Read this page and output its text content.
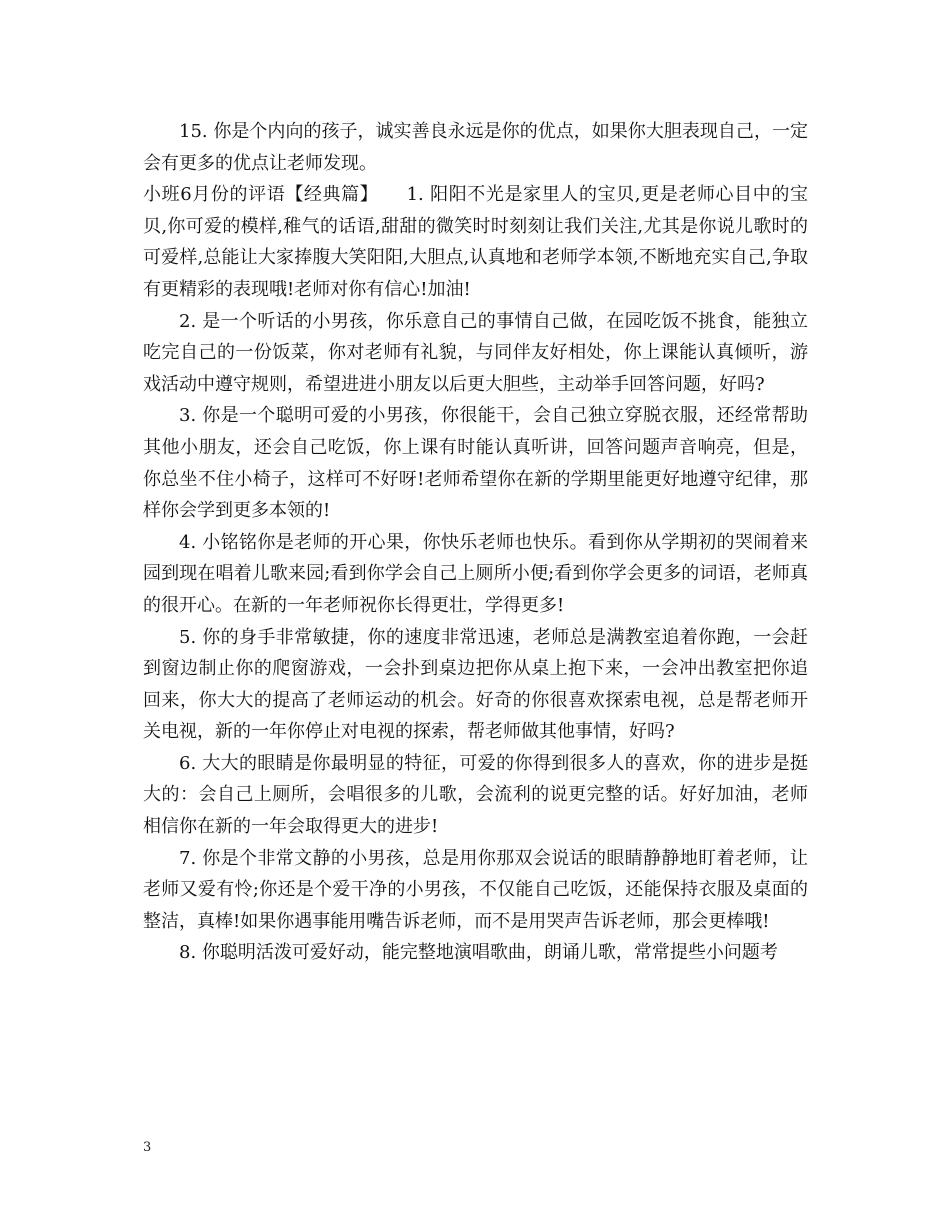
15. 你是个内向的孩子，诚实善良永远是你的优点，如果你大胆表现自己，一定会有更多的优点让老师发现。

小班6月份的评语【经典篇】　　1. 阳阳不光是家里人的宝贝,更是老师心目中的宝贝,你可爱的模样,稚气的话语,甜甜的微笑时时刻刻让我们关注,尤其是你说儿歌时的可爱样,总能让大家捧腹大笑阳阳,大胆点,认真地和老师学本领,不断地充实自己,争取有更精彩的表现哦!老师对你有信心!加油!

2. 是一个听话的小男孩，你乐意自己的事情自己做，在园吃饭不挑食，能独立吃完自己的一份饭菜，你对老师有礼貌，与同伴友好相处，你上课能认真倾听，游戏活动中遵守规则，希望进进小朋友以后更大胆些，主动举手回答问题，好吗?

3. 你是一个聪明可爱的小男孩，你很能干，会自己独立穿脱衣服，还经常帮助其他小朋友，还会自己吃饭，你上课有时能认真听讲，回答问题声音响亮，但是，你总坐不住小椅子，这样可不好呀!老师希望你在新的学期里能更好地遵守纪律，那样你会学到更多本领的!

4. 小铭铭你是老师的开心果，你快乐老师也快乐。看到你从学期初的哭闹着来园到现在唱着儿歌来园;看到你学会自己上厕所小便;看到你学会更多的词语，老师真的很开心。在新的一年老师祝你长得更壮，学得更多!

5. 你的身手非常敏捷，你的速度非常迅速，老师总是满教室追着你跑，一会赶到窗边制止你的爬窗游戏，一会扑到桌边把你从桌上抱下来，一会冲出教室把你追回来，你大大的提高了老师运动的机会。好奇的你很喜欢探索电视，总是帮老师开关电视，新的一年你停止对电视的探索，帮老师做其他事情，好吗?

6. 大大的眼睛是你最明显的特征，可爱的你得到很多人的喜欢，你的进步是挺大的：会自己上厕所，会唱很多的儿歌，会流利的说更完整的话。好好加油，老师相信你在新的一年会取得更大的进步!

7. 你是个非常文静的小男孩，总是用你那双会说话的眼睛静静地盯着老师，让老师又爱有怜;你还是个爱干净的小男孩，不仅能自己吃饭，还能保持衣服及桌面的整洁，真棒!如果你遇事能用嘴告诉老师，而不是用哭声告诉老师，那会更棒哦!

8. 你聪明活泼可爱好动，能完整地演唱歌曲，朗诵儿歌，常常提些小问题考

3
